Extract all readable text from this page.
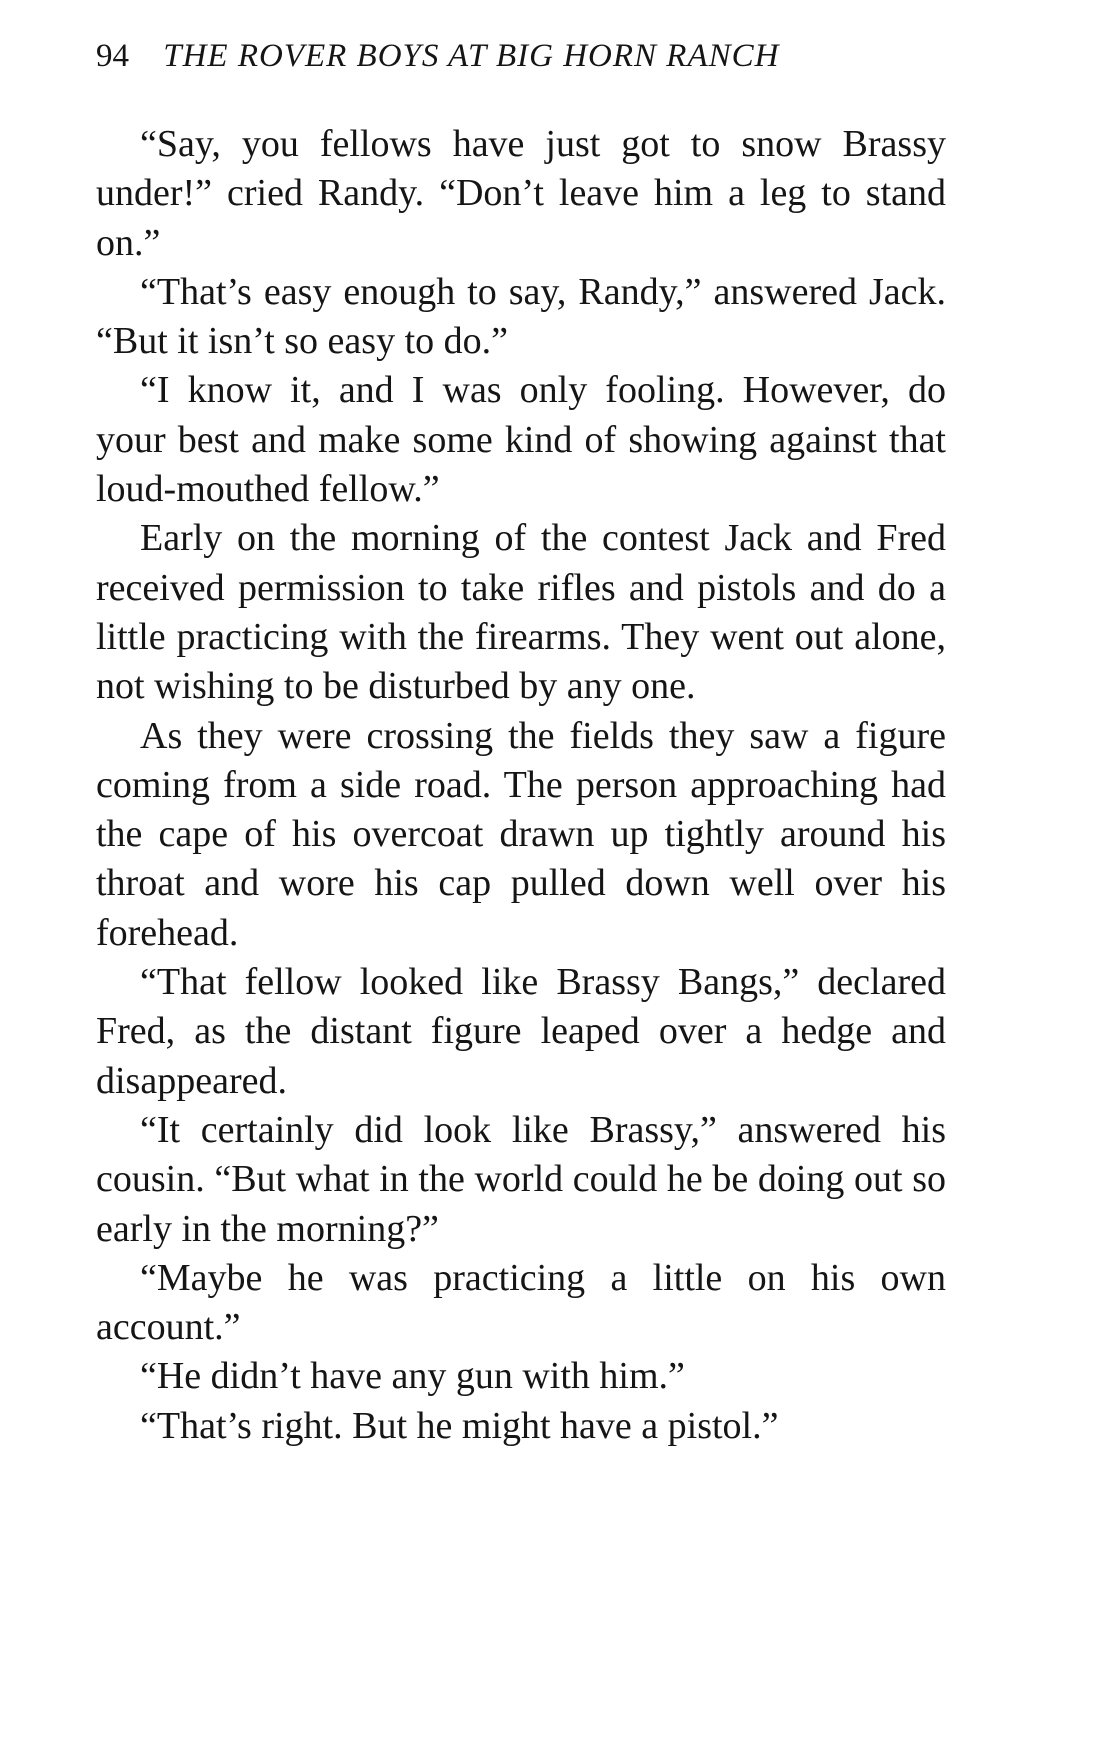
94 THE ROVER BOYS AT BIG HORN RANCH

“Say, you fellows have just got to snow Brassy under!” cried Randy. “Don’t leave him a leg to stand on.”

“That’s easy enough to say, Randy,” answered Jack. “But it isn’t so easy to do.”

“I know it, and I was only fooling. However, do your best and make some kind of showing against that loud-mouthed fellow.”

Early on the morning of the contest Jack and Fred received permission to take rifles and pistols and do a little practicing with the firearms. They went out alone, not wishing to be disturbed by any one.

As they were crossing the fields they saw a figure coming from a side road. The person approaching had the cape of his overcoat drawn up tightly around his throat and wore his cap pulled down well over his forehead.

“That fellow looked like Brassy Bangs,” declared Fred, as the distant figure leaped over a hedge and disappeared.

“It certainly did look like Brassy,” answered his cousin. “But what in the world could he be doing out so early in the morning?”

“Maybe he was practicing a little on his own account.”

“He didn’t have any gun with him.”

“That’s right. But he might have a pistol.”
